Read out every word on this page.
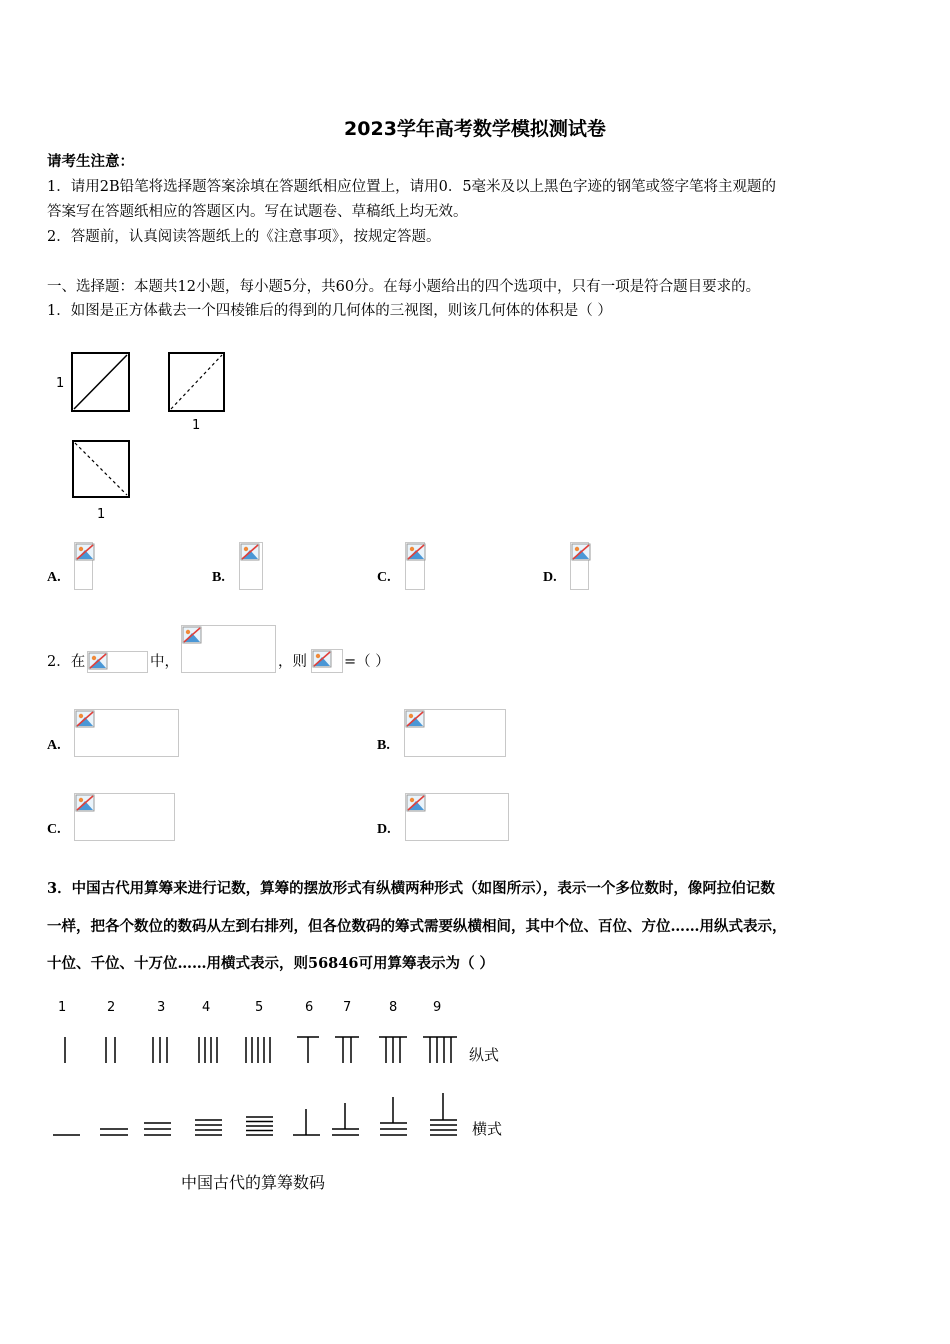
2023学年高考数学模拟测试卷
请考生注意：
1．请用2B铅笔将选择题答案涂填在答题纸相应位置上，请用0．5毫米及以上黑色字迹的钢笔或签字笔将主观题的
答案写在答题纸相应的答题区内。写在试题卷、草稿纸上均无效。
2．答题前，认真阅读答题纸上的《注意事项》，按规定答题。
一、选择题：本题共12小题，每小题5分，共60分。在每小题给出的四个选项中，只有一项是符合题目要求的。
1．如图是正方体截去一个四棱锥后的得到的几何体的三视图，则该几何体的体积是（ ）
1
1
1
A.	B.	C.	D.
2．在	中，	，则	=（ ）
A.	B.
C.	D.
3．中国古代用算筹来进行记数，算筹的摆放形式有纵横两种形式（如图所示），表示一个多位数时，像阿拉伯记数
一样，把各个数位的数码从左到右排列，但各位数码的筹式需要纵横相间，其中个位、百位、方位……用纵式表示，
十位、千位、十万位……用横式表示，则56846可用算筹表示为（ ）
1	2	3	4	5	6 7	8	9
纵式
横式
中国古代的算筹数码
